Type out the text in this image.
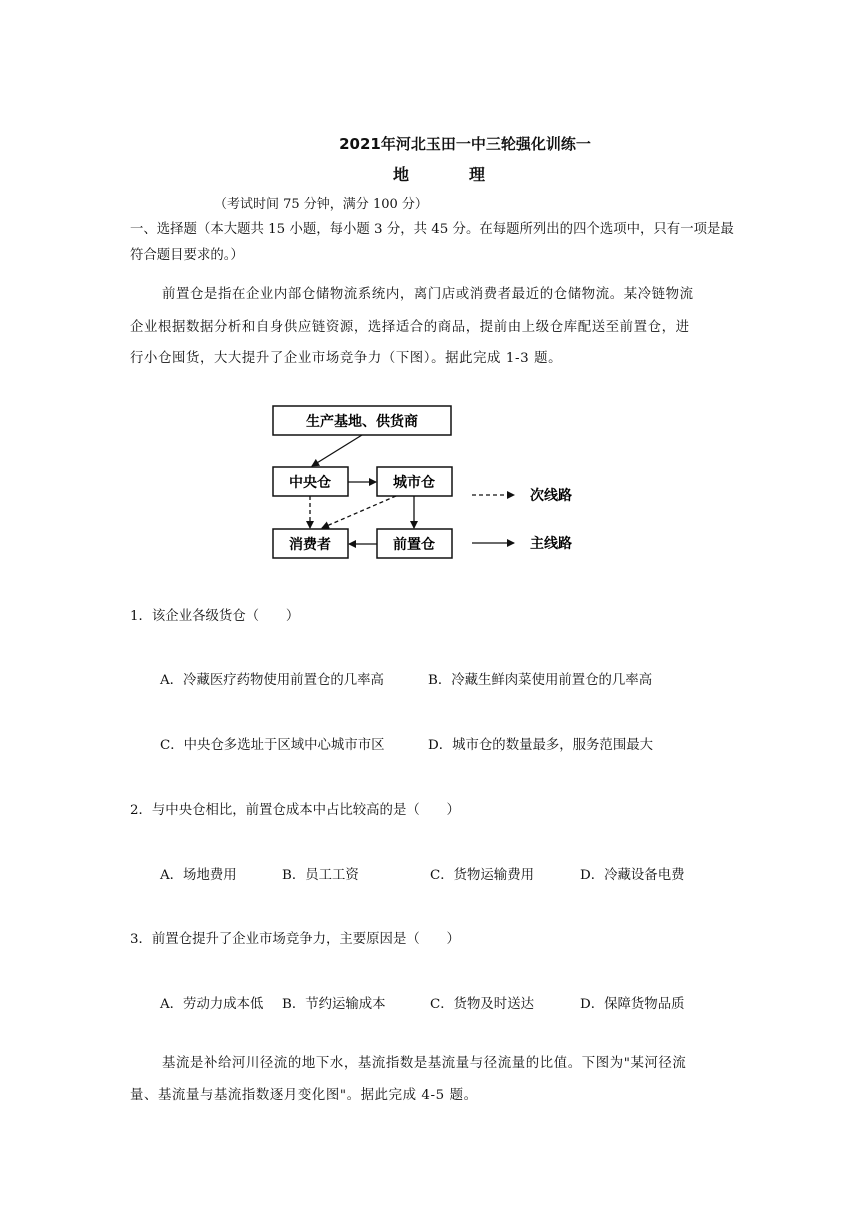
2021年河北玉田一中三轮强化训练一
地　理
（考试时间 75 分钟，满分 100 分）
一、选择题（本大题共 15 小题，每小题 3 分，共 45 分。在每题所列出的四个选项中，只有一项是最
符合题目要求的。）
前置仓是指在企业内部仓储物流系统内，离门店或消费者最近的仓储物流。某冷链物流
企业根据数据分析和自身供应链资源，选择适合的商品，提前由上级仓库配送至前置仓，进
行小仓囤货，大大提升了企业市场竞争力（下图）。据此完成 1-3 题。
生产基地、供货商
中央仓	城市仓
消费者	前置仓
次线路
主线路
1．该企业各级货仓（　　）
A．冷藏医疗药物使用前置仓的几率高	B．冷藏生鲜肉菜使用前置仓的几率高
C．中央仓多选址于区域中心城市市区	D．城市仓的数量最多，服务范围最大
2．与中央仓相比，前置仓成本中占比较高的是（　　）
A．场地费用	B．员工工资	C．货物运输费用	D．冷藏设备电费
3．前置仓提升了企业市场竞争力，主要原因是（　　）
A．劳动力成本低 B．节约运输成本	C．货物及时送达	D．保障货物品质
基流是补给河川径流的地下水，基流指数是基流量与径流量的比值。下图为"某河径流
量、基流量与基流指数逐月变化图"。据此完成 4-5 题。
